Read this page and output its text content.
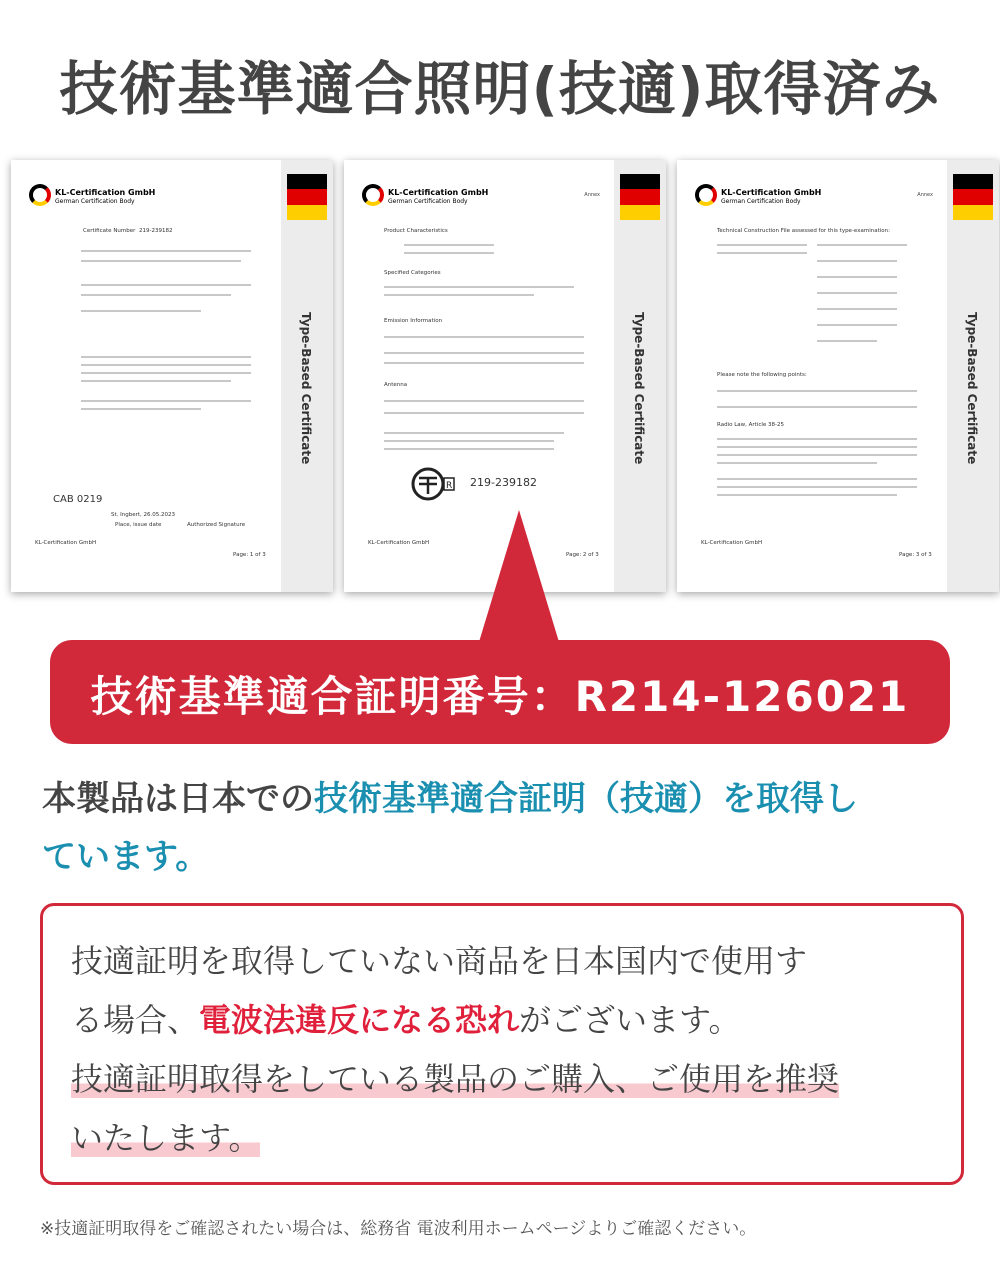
技術基準適合照明(技適)取得済み
KL-Certification GmbH
German Certification Body
Type-Based Certificate
Certificate Number 219-239182
CAB 0219
St. Ingbert, 26.05.2023
Place, issue date	Authorized Signature
KL-Certification GmbH
Page: 1 of 3
KL-Certification GmbH
German Certification Body
Annex
Type-Based Certificate
Product Characteristics
Specified Categories
Emission Information
Antenna
R 219-239182
KL-Certification GmbH
Page: 2 of 3
KL-Certification GmbH
German Certification Body
Annex
Type-Based Certificate
Technical Construction File assessed for this type-examination:
Please note the following points:
Radio Law, Article 38-25
KL-Certification GmbH
Page: 3 of 3
技術基準適合証明番号：R214-126021
本製品は日本での技術基準適合証明（技適）を取得し
ています。
技適証明を取得していない商品を日本国内で使用す
る場合、電波法違反になる恐れがございます。
技適証明取得をしている製品のご購入、ご使用を推奨
いたします。
※技適証明取得をご確認されたい場合は、総務省 電波利用ホームページよりご確認ください。
